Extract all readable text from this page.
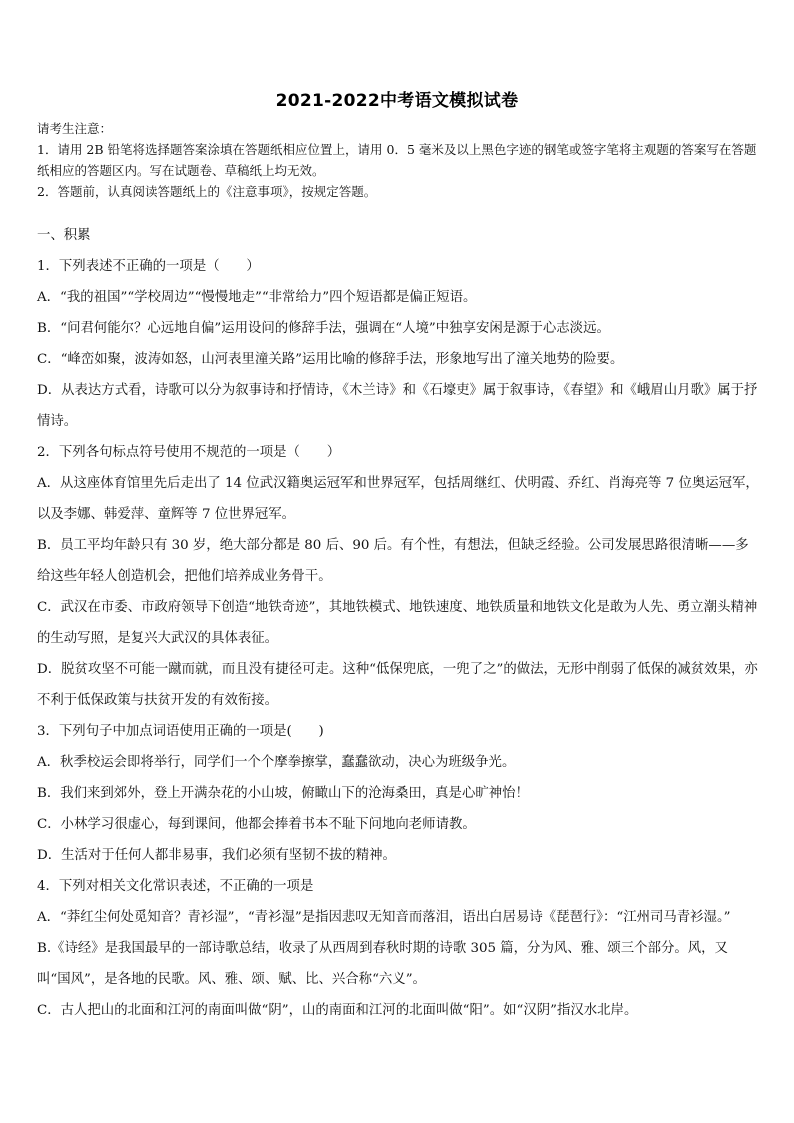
2021-2022中考语文模拟试卷

请考生注意：

1．请用 2B 铅笔将选择题答案涂填在答题纸相应位置上，请用 0．5 毫米及以上黑色字迹的钢笔或签字笔将主观题的答案写在答题纸相应的答题区内。写在试题卷、草稿纸上均无效。

2．答题前，认真阅读答题纸上的《注意事项》，按规定答题。

一、积累

1．下列表述不正确的一项是（　　）

A．“我的祖国”“学校周边”“慢慢地走”“非常给力”四个短语都是偏正短语。

B．“问君何能尔？心远地自偏”运用设问的修辞手法，强调在“人境”中独享安闲是源于心志淡远。

C．“峰峦如聚，波涛如怒，山河表里潼关路”运用比喻的修辞手法，形象地写出了潼关地势的险要。

D．从表达方式看，诗歌可以分为叙事诗和抒情诗，《木兰诗》和《石壕吏》属于叙事诗，《春望》和《峨眉山月歌》属于抒情诗。

2．下列各句标点符号使用不规范的一项是（　　）

A．从这座体育馆里先后走出了 14 位武汉籍奥运冠军和世界冠军，包括周继红、伏明霞、乔红、肖海亮等 7 位奥运冠军，以及李娜、韩爱萍、童辉等 7 位世界冠军。

B．员工平均年龄只有 30 岁，绝大部分都是 80 后、90 后。有个性，有想法，但缺乏经验。公司发展思路很清晰——多给这些年轻人创造机会，把他们培养成业务骨干。

C．武汉在市委、市政府领导下创造“地铁奇迹”，其地铁模式、地铁速度、地铁质量和地铁文化是敢为人先、勇立潮头精神的生动写照，是复兴大武汉的具体表征。

D．脱贫攻坚不可能一蹴而就，而且没有捷径可走。这种“低保兜底，一兜了之”的做法，无形中削弱了低保的减贫效果，亦不利于低保政策与扶贫开发的有效衔接。

3．下列句子中加点词语使用正确的一项是(　　)

A．秋季校运会即将举行，同学们一个个摩拳擦掌，蠢蠢欲动，决心为班级争光。

B．我们来到郊外，登上开满杂花的小山坡，俯瞰山下的沧海桑田，真是心旷神怡！

C．小林学习很虚心，每到课间，他都会捧着书本不耻下问地向老师请教。

D．生活对于任何人都非易事，我们必须有坚韧不拔的精神。

4．下列对相关文化常识表述，不正确的一项是

A．“莽红尘何处觅知音？青衫湿”，“青衫湿”是指因悲叹无知音而落泪，语出白居易诗《琵琶行》：“江州司马青衫湿。”

B.《诗经》是我国最早的一部诗歌总结，收录了从西周到春秋时期的诗歌 305 篇，分为风、雅、颂三个部分。风，又叫“国风”，是各地的民歌。风、雅、颂、赋、比、兴合称“六义”。

C．古人把山的北面和江河的南面叫做“阴”，山的南面和江河的北面叫做“阳”。如“汉阴”指汉水北岸。
